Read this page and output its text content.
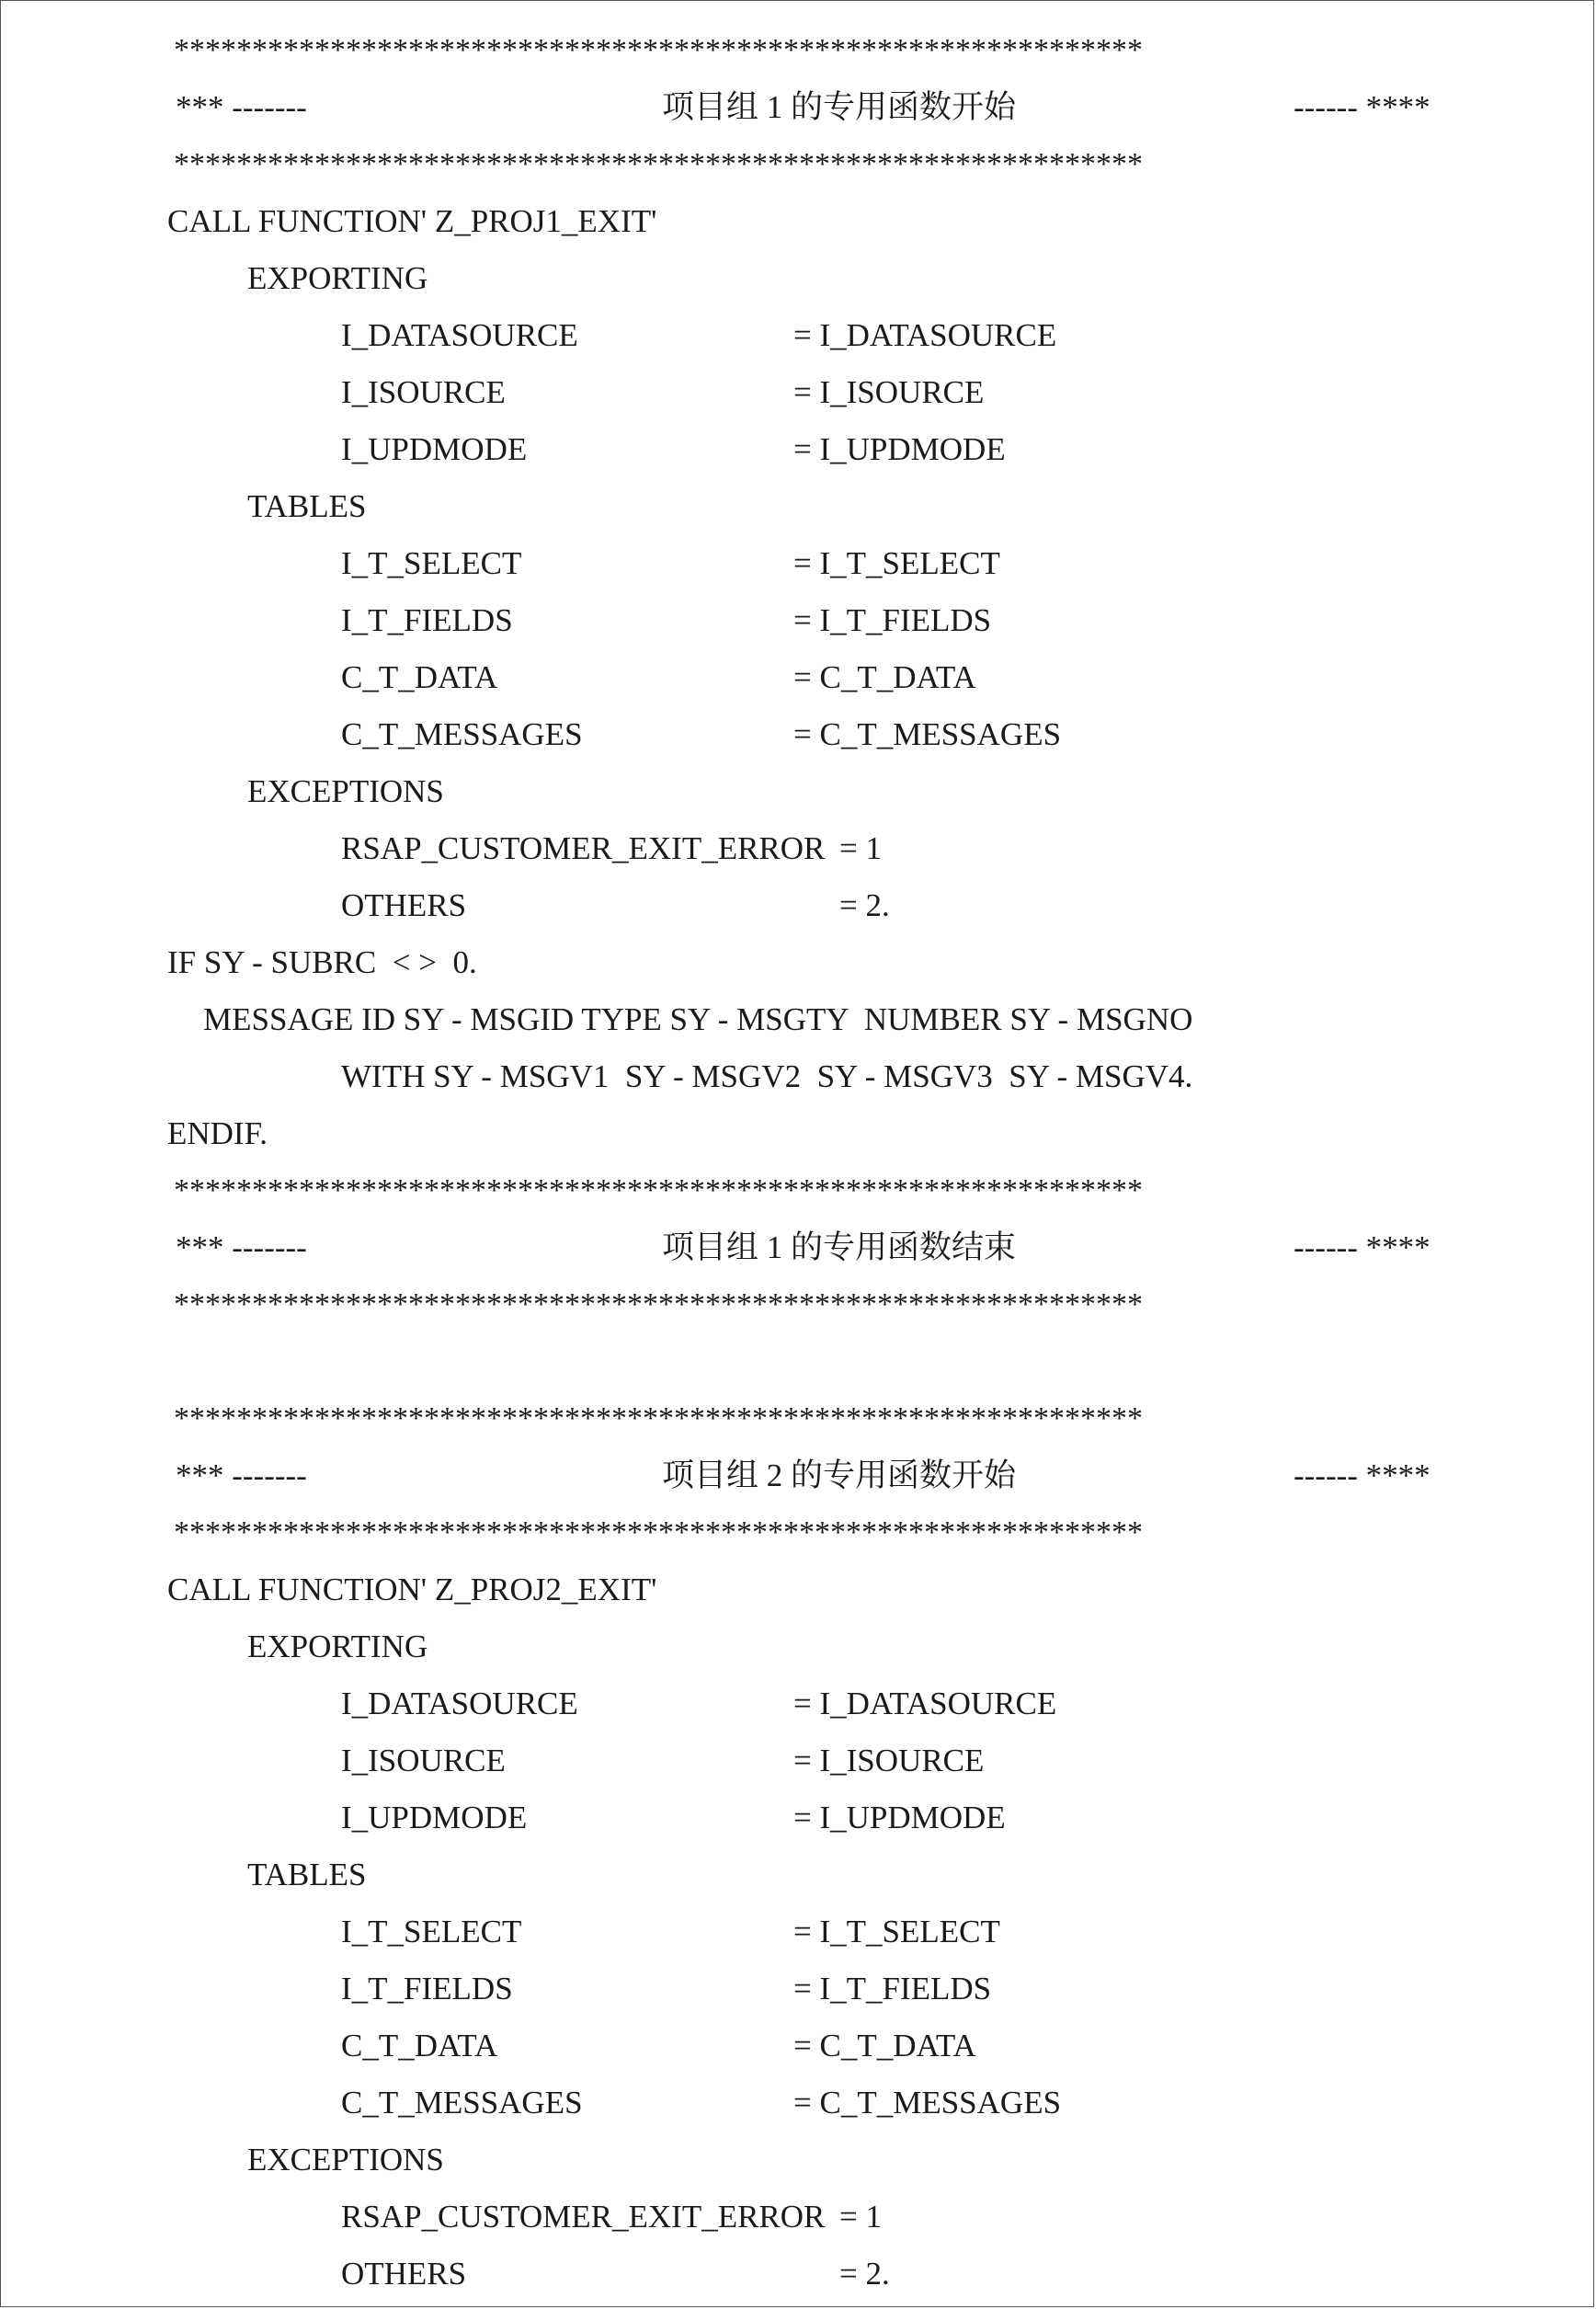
**************************************************************
*** -------	项目组 1 的专用函数开始	------ ****
**************************************************************
CALL FUNCTION' Z_PROJ1_EXIT'
EXPORTING
I_DATASOURCE	= I_DATASOURCE
I_ISOURCE	= I_ISOURCE
I_UPDMODE	= I_UPDMODE
TABLES
I_T_SELECT	= I_T_SELECT
I_T_FIELDS	= I_T_FIELDS
C_T_DATA	= C_T_DATA
C_T_MESSAGES	= C_T_MESSAGES
EXCEPTIONS
RSAP_CUSTOMER_EXIT_ERROR = 1
OTHERS	= 2.
IF SY - SUBRC  < >  0.
MESSAGE ID SY - MSGID TYPE SY - MSGTY  NUMBER SY - MSGNO
WITH SY - MSGV1  SY - MSGV2  SY - MSGV3  SY - MSGV4.
ENDIF.
**************************************************************
*** -------	项目组 1 的专用函数结束	------ ****
**************************************************************
**************************************************************
*** -------	项目组 2 的专用函数开始	------ ****
**************************************************************
CALL FUNCTION' Z_PROJ2_EXIT'
EXPORTING
I_DATASOURCE	= I_DATASOURCE
I_ISOURCE	= I_ISOURCE
I_UPDMODE	= I_UPDMODE
TABLES
I_T_SELECT	= I_T_SELECT
I_T_FIELDS	= I_T_FIELDS
C_T_DATA	= C_T_DATA
C_T_MESSAGES	= C_T_MESSAGES
EXCEPTIONS
RSAP_CUSTOMER_EXIT_ERROR = 1
OTHERS	= 2.
